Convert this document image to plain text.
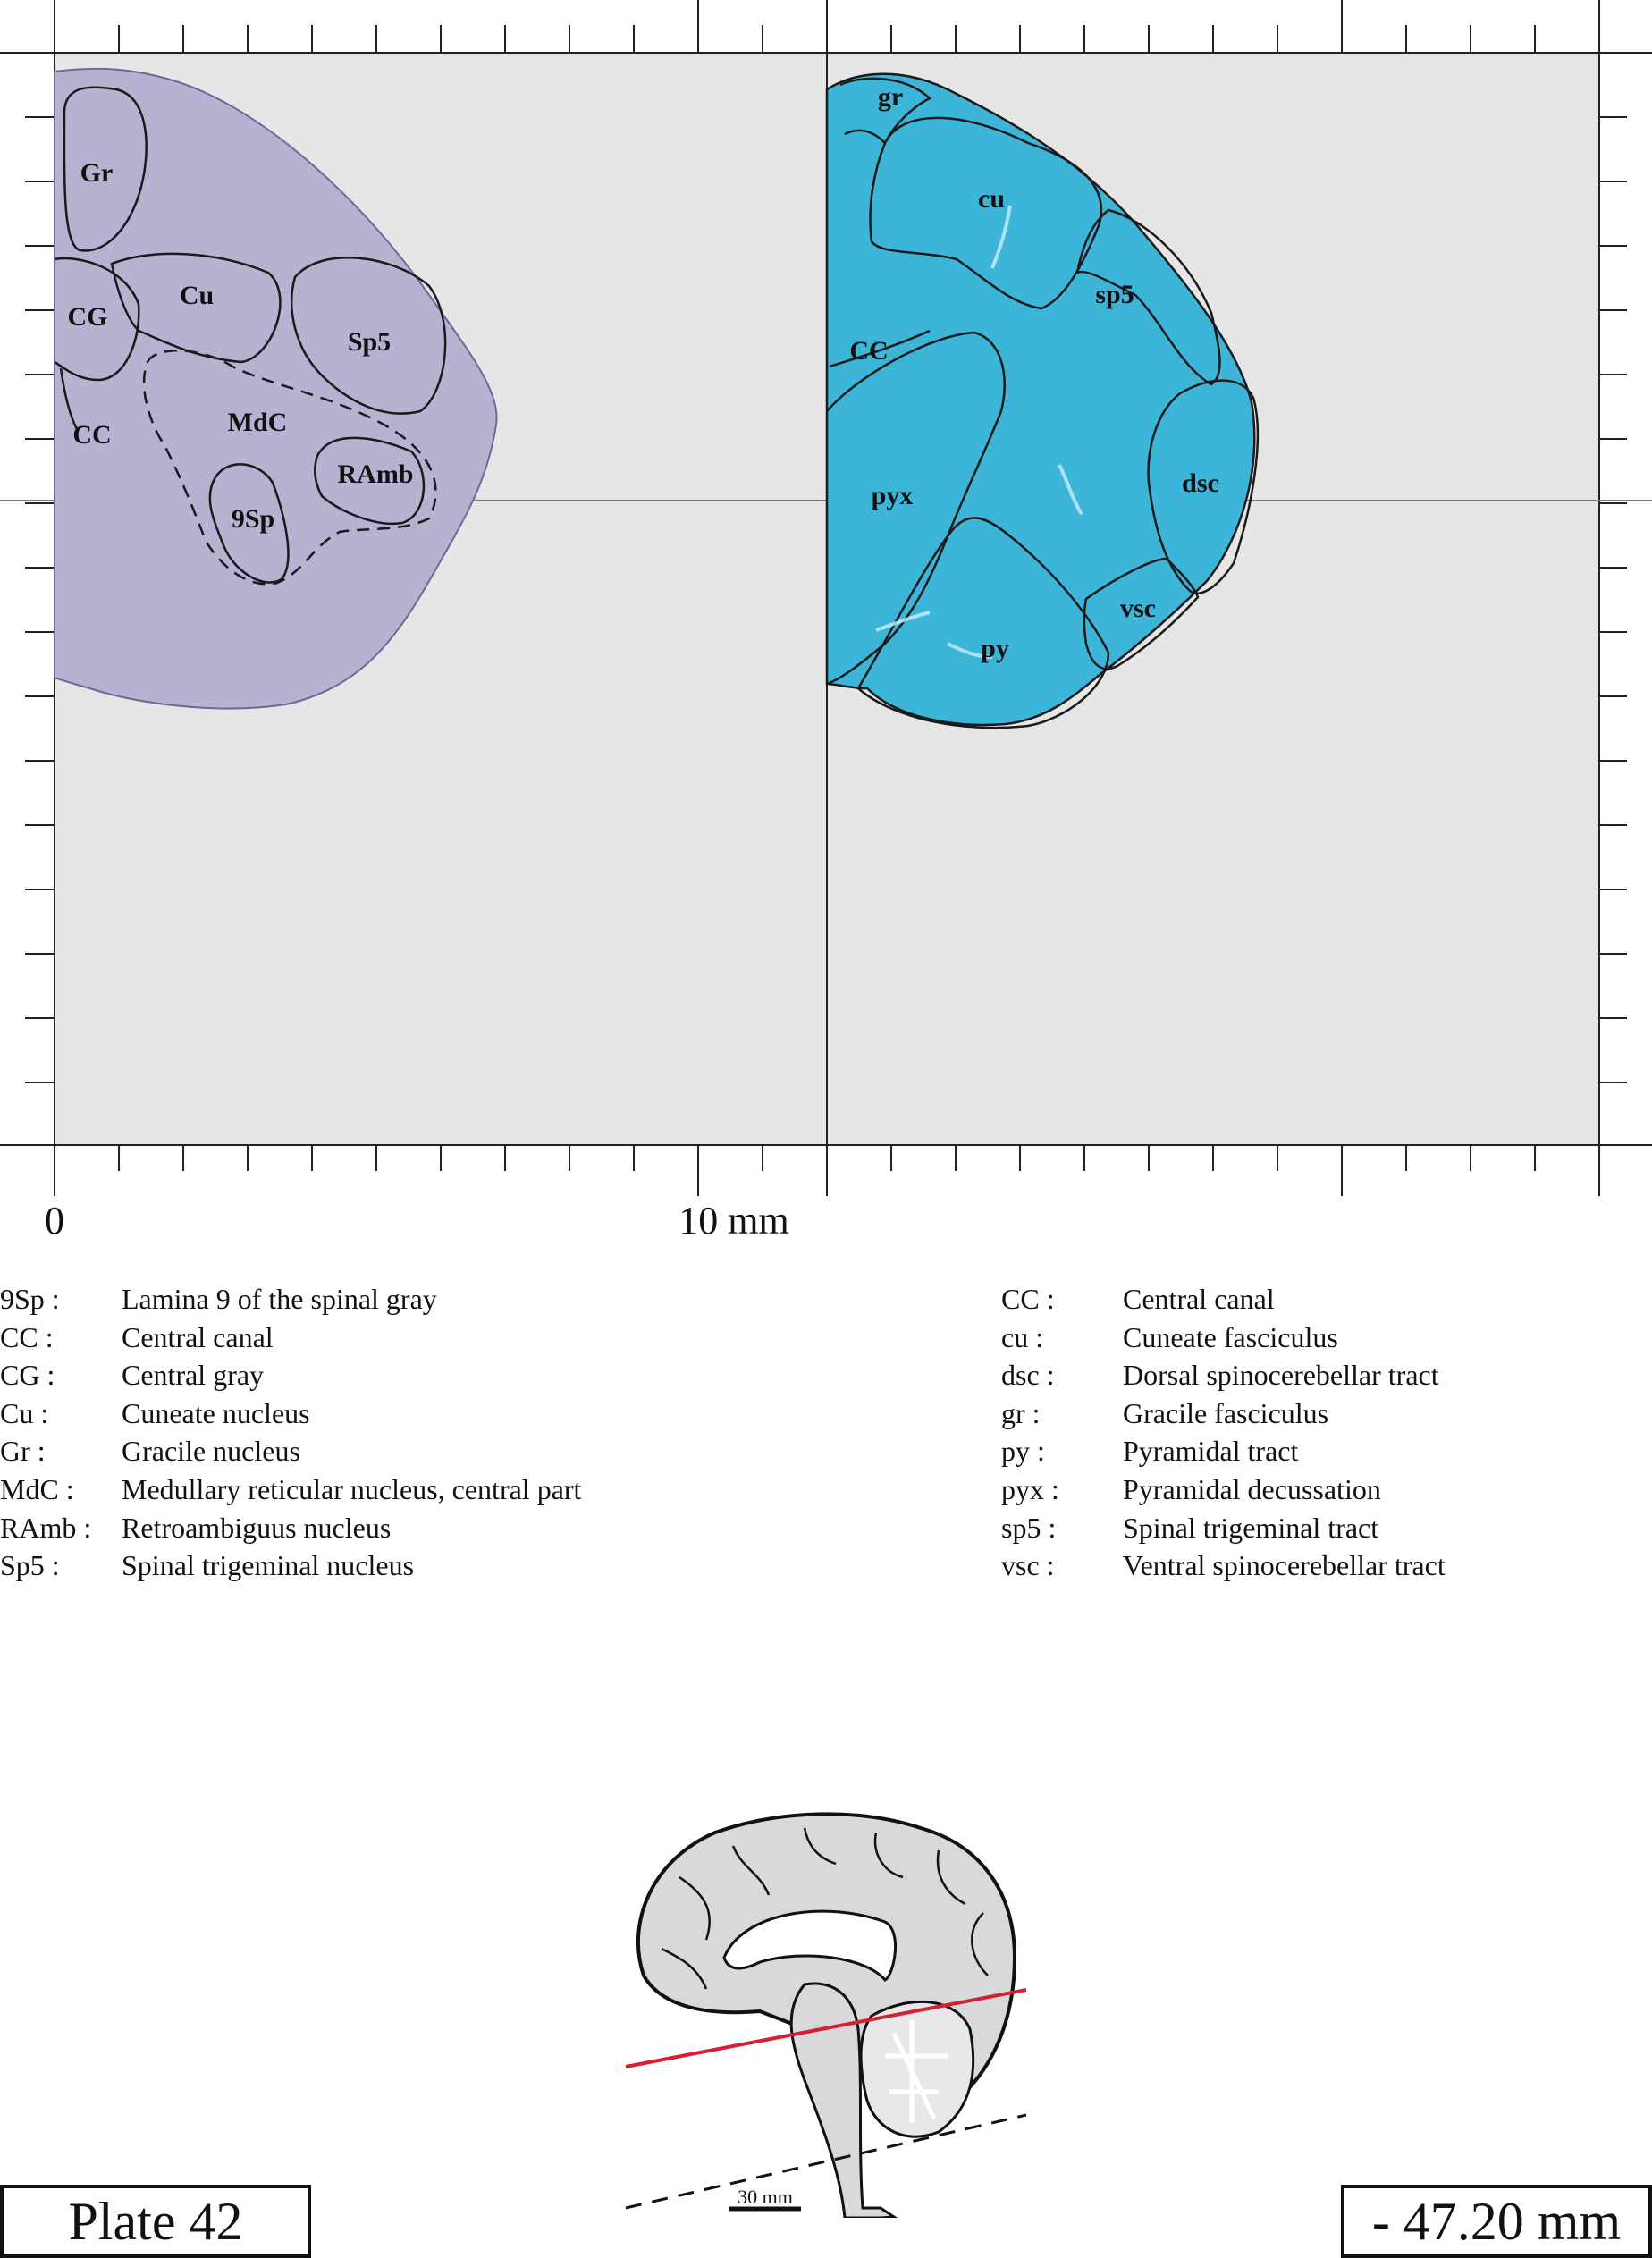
Gr
CG
Cu
Sp5
CC	MdC
RAmb
9Sp
gr
cu
sp5
CC
pyx	dsc
vsc
py
0	10 mm
30 mm
9Sp :	Lamina 9 of the spinal gray
CC :	Central canal
CG :	Central gray
Cu :	Cuneate nucleus
Gr :	Gracile nucleus
MdC :	Medullary reticular nucleus, central part
RAmb :	Retroambiguus nucleus
Sp5 :	Spinal trigeminal nucleus
CC :	Central canal
cu :	Cuneate fasciculus
dsc :	Dorsal spinocerebellar tract
gr :	Gracile fasciculus
py :	Pyramidal tract
pyx :	Pyramidal decussation
sp5 :	Spinal trigeminal tract
vsc :	Ventral spinocerebellar tract
Plate 42	- 47.20 mm
